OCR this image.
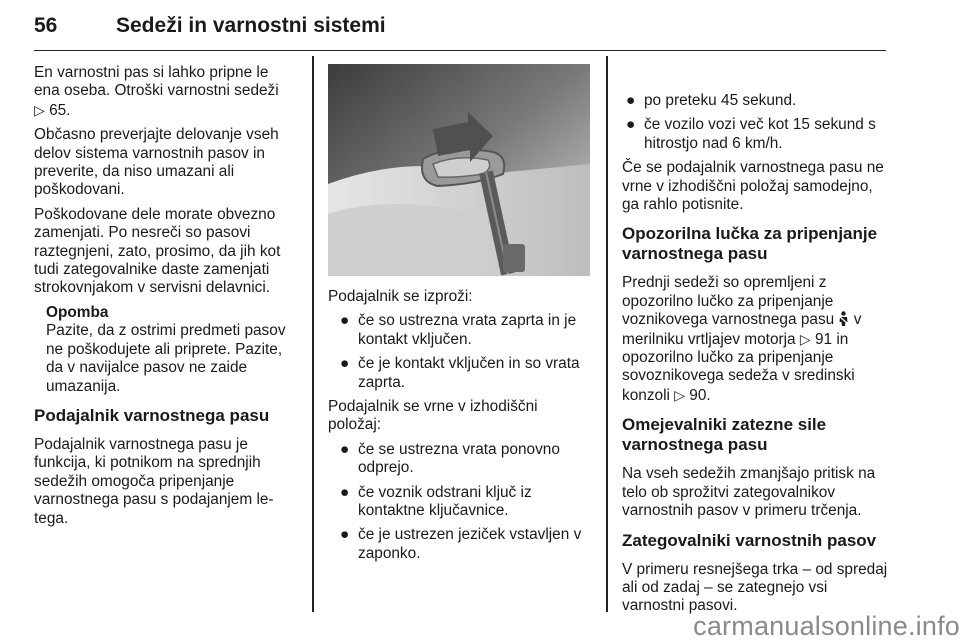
56	Sedeži in varnostni sistemi

En varnostni pas si lahko pripne le ena oseba. Otroški varnostni sedeži
▷ 65.

Občasno preverjajte delovanje vseh delov sistema varnostnih pasov in preverite, da niso umazani ali poškodovani.

Poškodovane dele morate obvezno zamenjati. Po nesreči so pasovi raztegnjeni, zato, prosimo, da jih kot tudi zategovalnike daste zamenjati strokovnjakom v servisni delavnici.

Opomba
Pazite, da z ostrimi predmeti pasov ne poškodujete ali priprete. Pazite, da v navijalce pasov ne zaide umazanija.
Podajalnik varnostnega pasu

Podajalnik varnostnega pasu je funkcija, ki potnikom na sprednjih sedežih omogoča pripenjanje varnostnega pasu s podajanjem le-tega.

Podajalnik se izproži:

● če so ustrezna vrata zaprta in je kontakt vključen.
● če je kontakt vključen in so vrata zaprta.

Podajalnik se vrne v izhodiščni položaj:

● če se ustrezna vrata ponovno odprejo.
● če voznik odstrani ključ iz kontaktne ključavnice.
● če je ustrezen jeziček vstavljen v zaponko.
● po preteku 45 sekund.
● če vozilo vozi več kot 15 sekund s hitrostjo nad 6 km/h.

Če se podajalnik varnostnega pasu ne vrne v izhodiščni položaj samodejno, ga rahlo potisnite.

Opozorilna lučka za pripenjanje varnostnega pasu

Prednji sedeži so opremljeni z opozorilno lučko za pripenjanje voznikovega varnostnega pasu v merilniku vrtljajev motorja ▷ 91 in opozorilno lučko za pripenjanje sovoznikovega sedeža v sredinski konzoli ▷ 90.

Omejevalniki zatezne sile varnostnega pasu

Na vseh sedežih zmanjšajo pritisk na telo ob sprožitvi zategovalnikov varnostnih pasov v primeru trčenja.

Zategovalniki varnostnih pasov

V primeru resnejšega trka – od spredaj ali od zadaj – se zategnejo vsi varnostni pasovi.

carmanualsonline.info
